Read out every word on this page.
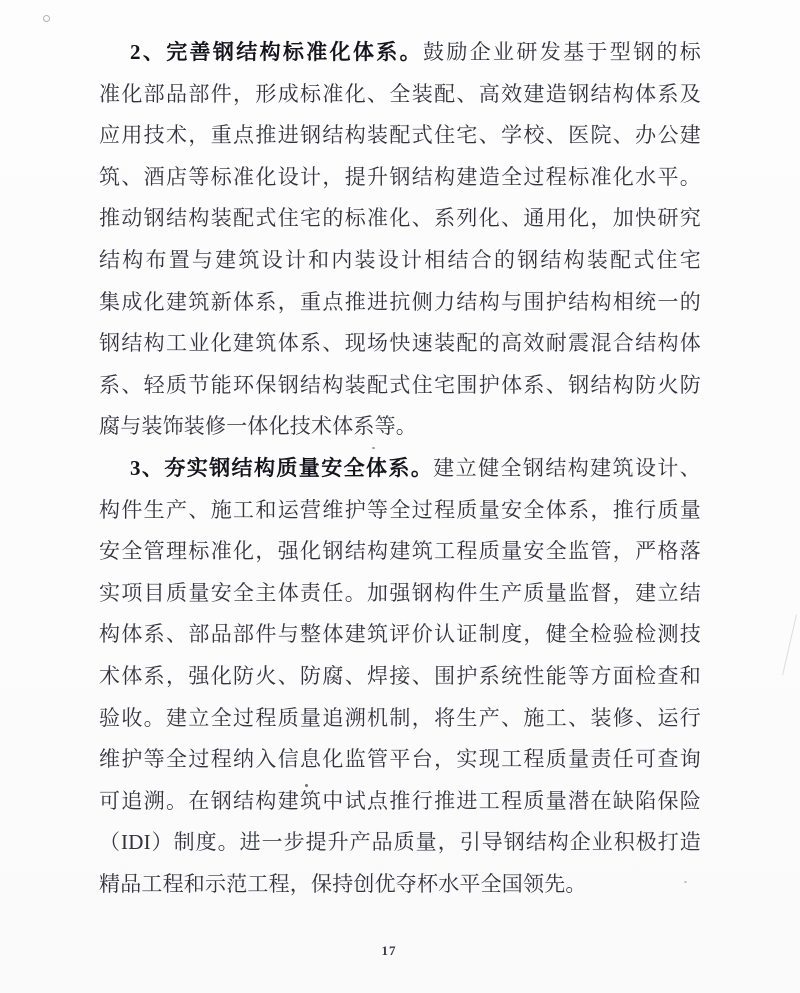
2、完善钢结构标准化体系。鼓励企业研发基于型钢的标
准化部品部件，形成标准化、全装配、高效建造钢结构体系及
应用技术，重点推进钢结构装配式住宅、学校、医院、办公建
筑、酒店等标准化设计，提升钢结构建造全过程标准化水平。
推动钢结构装配式住宅的标准化、系列化、通用化，加快研究
结构布置与建筑设计和内装设计相结合的钢结构装配式住宅
集成化建筑新体系，重点推进抗侧力结构与围护结构相统一的
钢结构工业化建筑体系、现场快速装配的高效耐震混合结构体
系、轻质节能环保钢结构装配式住宅围护体系、钢结构防火防
腐与装饰装修一体化技术体系等。
3、夯实钢结构质量安全体系。建立健全钢结构建筑设计、
构件生产、施工和运营维护等全过程质量安全体系，推行质量
安全管理标准化，强化钢结构建筑工程质量安全监管，严格落
实项目质量安全主体责任。加强钢构件生产质量监督，建立结
构体系、部品部件与整体建筑评价认证制度，健全检验检测技
术体系，强化防火、防腐、焊接、围护系统性能等方面检查和
验收。建立全过程质量追溯机制，将生产、施工、装修、运行
维护等全过程纳入信息化监管平台，实现工程质量责任可查询
可追溯。在钢结构建筑中试点推行推进工程质量潜在缺陷保险
（IDI）制度。进一步提升产品质量，引导钢结构企业积极打造
精品工程和示范工程，保持创优夺杯水平全国领先。
17
